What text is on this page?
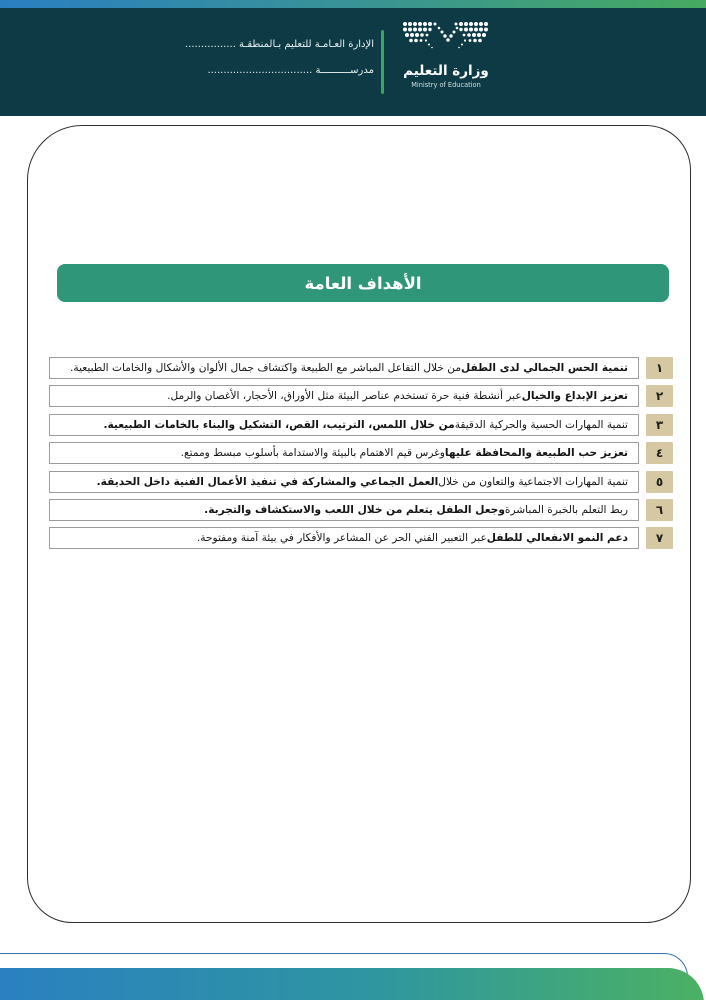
الإدارة العـامـة للتعليم بـالمنطقـة ................
مدرســــــــــة .................................	وزارة التعليم
Ministry of Education
الأهداف العامة
١
تنمية الحس الجمالي لدى الطفل
من خلال التفاعل المباشر مع الطبيعة واكتشاف جمال الألوان والأشكال والخامات الطبيعية.
٢
تعزيز الإبداع والخيال
عبر أنشطة فنية حرة تستخدم عناصر البيئة مثل الأوراق، الأحجار، الأغصان والرمل.
٣
تنمية المهارات الحسية والحركية الدقيقة
من خلال اللمس، الترتيب، القص، التشكيل والبناء بالخامات الطبيعية.
٤
تعزيز حب الطبيعة والمحافظة عليها
وغرس قيم الاهتمام بالبيئة والاستدامة بأسلوب مبسط وممتع.
٥
تنمية المهارات الاجتماعية والتعاون من خلال
العمل الجماعي والمشاركة في تنفيذ الأعمال الفنية داخل الحديقة.
٦
ربط التعلم بالخبرة المباشرة
وجعل الطفل يتعلم من خلال اللعب والاستكشاف والتجربة.
٧
دعم النمو الانفعالي للطفل
عبر التعبير الفني الحر عن المشاعر والأفكار في بيئة آمنة ومفتوحة.
